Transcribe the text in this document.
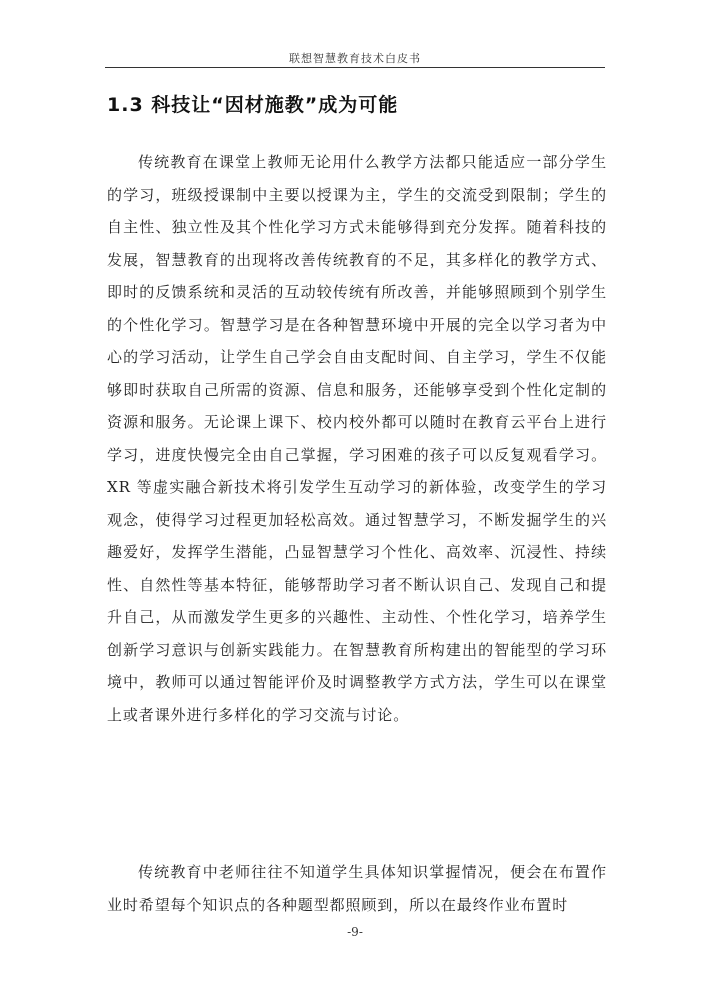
联想智慧教育技术白皮书
1.3 科技让“因材施教”成为可能

传统教育在课堂上教师无论用什么教学方法都只能适应一部分学生的学习，班级授课制中主要以授课为主，学生的交流受到限制；学生的自主性、独立性及其个性化学习方式未能够得到充分发挥。随着科技的发展，智慧教育的出现将改善传统教育的不足，其多样化的教学方式、即时的反馈系统和灵活的互动较传统有所改善，并能够照顾到个别学生的个性化学习。智慧学习是在各种智慧环境中开展的完全以学习者为中心的学习活动，让学生自己学会自由支配时间、自主学习，学生不仅能够即时获取自己所需的资源、信息和服务，还能够享受到个性化定制的资源和服务。无论课上课下、校内校外都可以随时在教育云平台上进行学习，进度快慢完全由自己掌握，学习困难的孩子可以反复观看学习。XR 等虚实融合新技术将引发学生互动学习的新体验，改变学生的学习观念，使得学习过程更加轻松高效。通过智慧学习，不断发掘学生的兴趣爱好，发挥学生潜能，凸显智慧学习个性化、高效率、沉浸性、持续性、自然性等基本特征，能够帮助学习者不断认识自己、发现自己和提升自己，从而激发学生更多的兴趣性、主动性、个性化学习，培养学生创新学习意识与创新实践能力。在智慧教育所构建出的智能型的学习环境中，教师可以通过智能评价及时调整教学方式方法，学生可以在课堂上或者课外进行多样化的学习交流与讨论。

传统教育中老师往往不知道学生具体知识掌握情况，便会在布置作业时希望每个知识点的各种题型都照顾到，所以在最终作业布置时

-9-
